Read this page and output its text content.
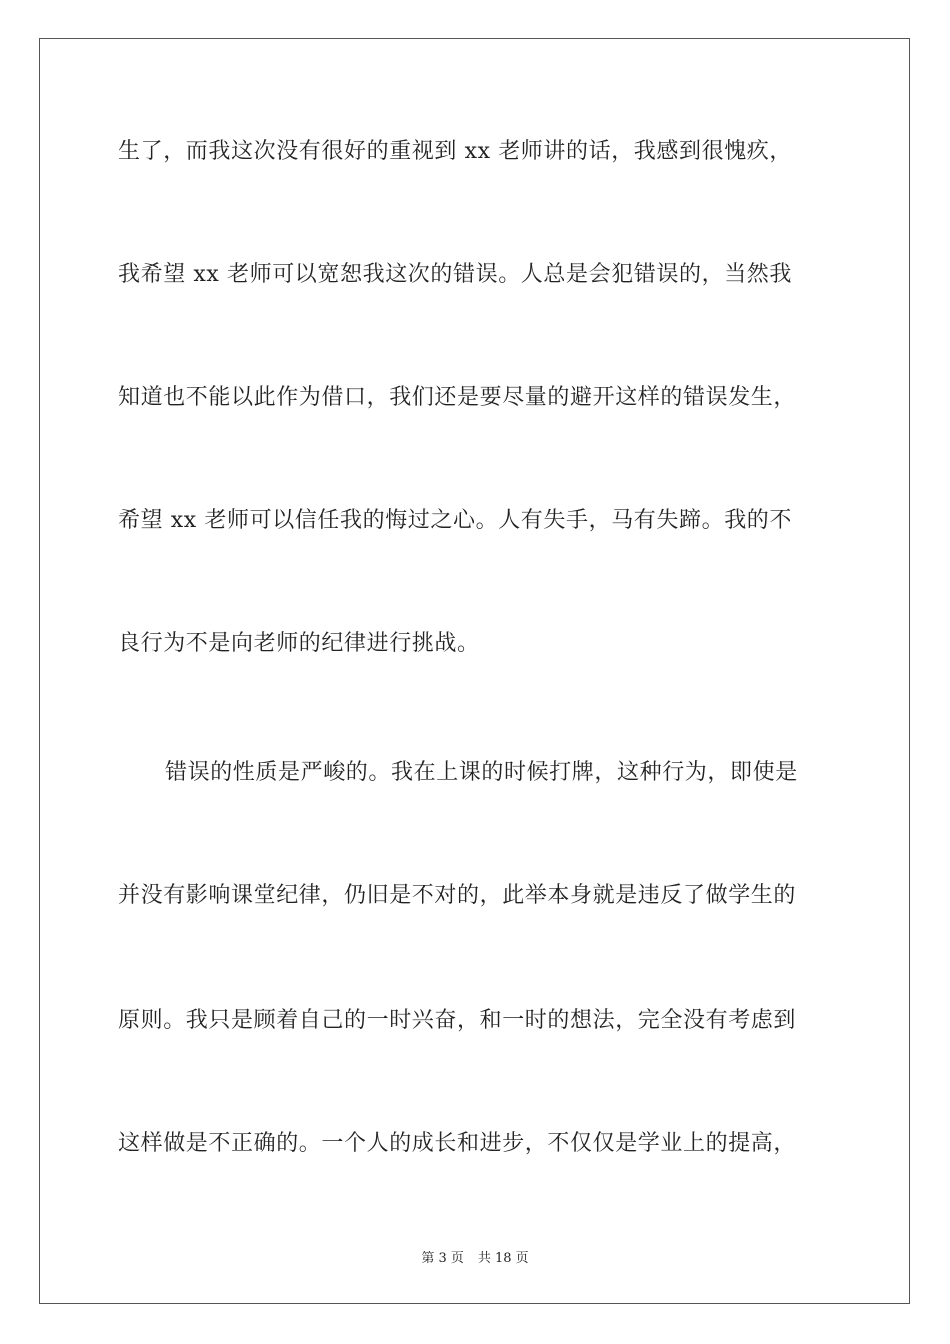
生了，而我这次没有很好的重视到 xx 老师讲的话，我感到很愧疚，
我希望 xx 老师可以宽恕我这次的错误。人总是会犯错误的，当然我
知道也不能以此作为借口，我们还是要尽量的避开这样的错误发生，
希望 xx 老师可以信任我的悔过之心。人有失手，马有失蹄。我的不
良行为不是向老师的纪律进行挑战。
错误的性质是严峻的。我在上课的时候打牌，这种行为，即使是
并没有影响课堂纪律，仍旧是不对的，此举本身就是违反了做学生的
原则。我只是顾着自己的一时兴奋，和一时的想法，完全没有考虑到
这样做是不正确的。一个人的成长和进步，不仅仅是学业上的提高，
第 3 页 共 18 页
